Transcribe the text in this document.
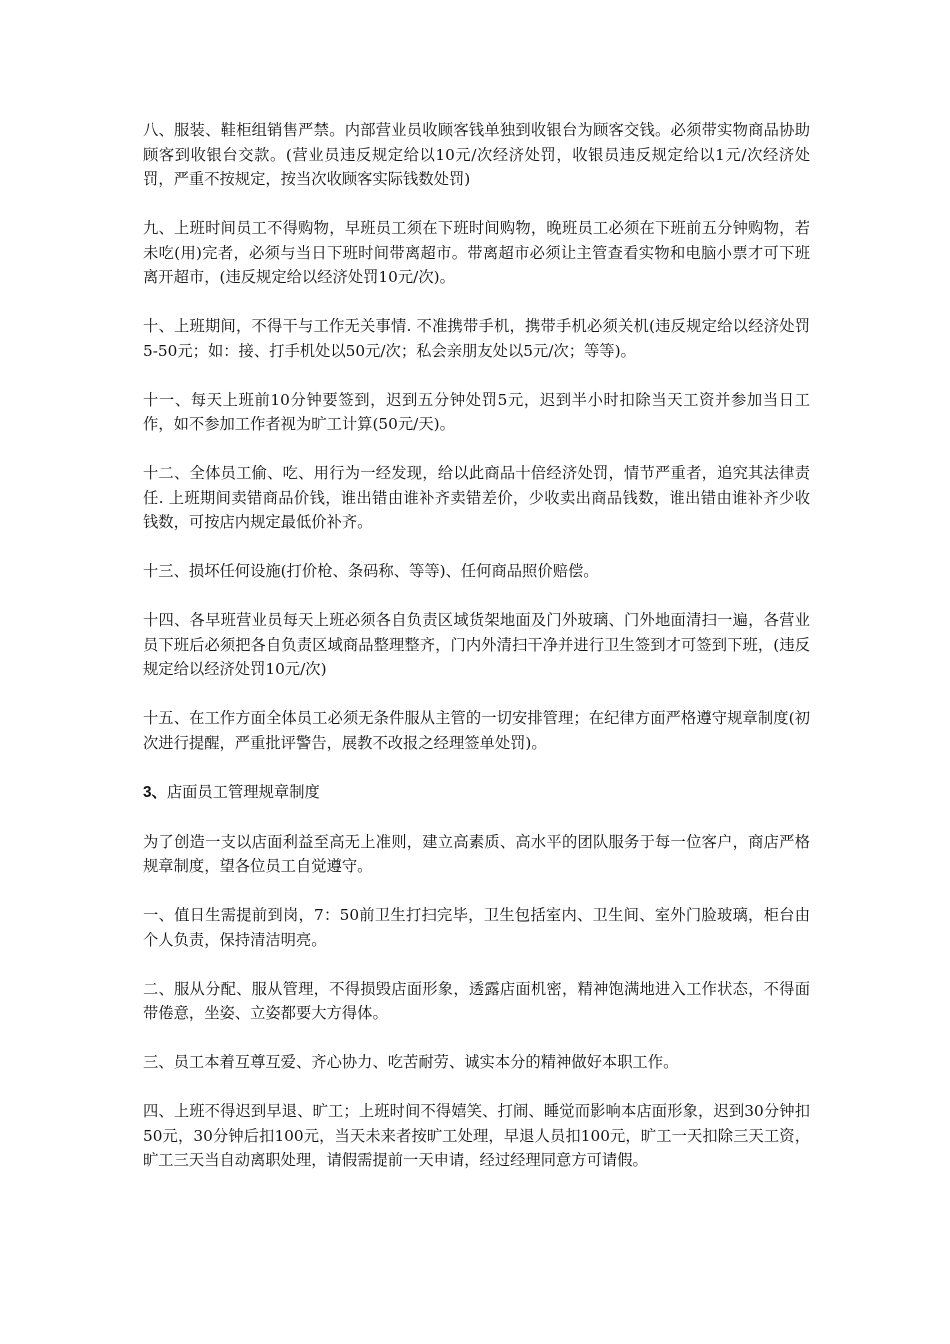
八、服装、鞋柜组销售严禁。内部营业员收顾客钱单独到收银台为顾客交钱。必须带实物商品协助顾客到收银台交款。(营业员违反规定给以10元/次经济处罚，收银员违反规定给以1元/次经济处罚，严重不按规定，按当次收顾客实际钱数处罚)

九、上班时间员工不得购物，早班员工须在下班时间购物，晚班员工必须在下班前五分钟购物，若未吃(用)完者，必须与当日下班时间带离超市。带离超市必须让主管查看实物和电脑小票才可下班离开超市，(违反规定给以经济处罚10元/次)。

十、上班期间，不得干与工作无关事情. 不准携带手机，携带手机必须关机(违反规定给以经济处罚5-50元；如：接、打手机处以50元/次；私会亲朋友处以5元/次；等等)。

十一、每天上班前10分钟要签到，迟到五分钟处罚5元，迟到半小时扣除当天工资并参加当日工作，如不参加工作者视为旷工计算(50元/天)。

十二、全体员工偷、吃、用行为一经发现，给以此商品十倍经济处罚，情节严重者，追究其法律责任. 上班期间卖错商品价钱，谁出错由谁补齐卖错差价，少收卖出商品钱数，谁出错由谁补齐少收钱数，可按店内规定最低价补齐。

十三、损坏任何设施(打价枪、条码称、等等)、任何商品照价赔偿。

十四、各早班营业员每天上班必须各自负责区域货架地面及门外玻璃、门外地面清扫一遍，各营业员下班后必须把各自负责区域商品整理整齐，门内外清扫干净并进行卫生签到才可签到下班，(违反规定给以经济处罚10元/次)

十五、在工作方面全体员工必须无条件服从主管的一切安排管理；在纪律方面严格遵守规章制度(初次进行提醒，严重批评警告，展教不改报之经理签单处罚)。

3、店面员工管理规章制度

为了创造一支以店面利益至高无上准则，建立高素质、高水平的团队服务于每一位客户，商店严格规章制度，望各位员工自觉遵守。

一、值日生需提前到岗，7：50前卫生打扫完毕，卫生包括室内、卫生间、室外门脸玻璃，柜台由个人负责，保持清洁明亮。

二、服从分配、服从管理，不得损毁店面形象，透露店面机密，精神饱满地进入工作状态，不得面带倦意，坐姿、立姿都要大方得体。

三、员工本着互尊互爱、齐心协力、吃苦耐劳、诚实本分的精神做好本职工作。

四、上班不得迟到早退、旷工；上班时间不得嬉笑、打闹、睡觉而影响本店面形象，迟到30分钟扣50元，30分钟后扣100元，当天未来者按旷工处理，早退人员扣100元，旷工一天扣除三天工资，旷工三天当自动离职处理，请假需提前一天申请，经过经理同意方可请假。
